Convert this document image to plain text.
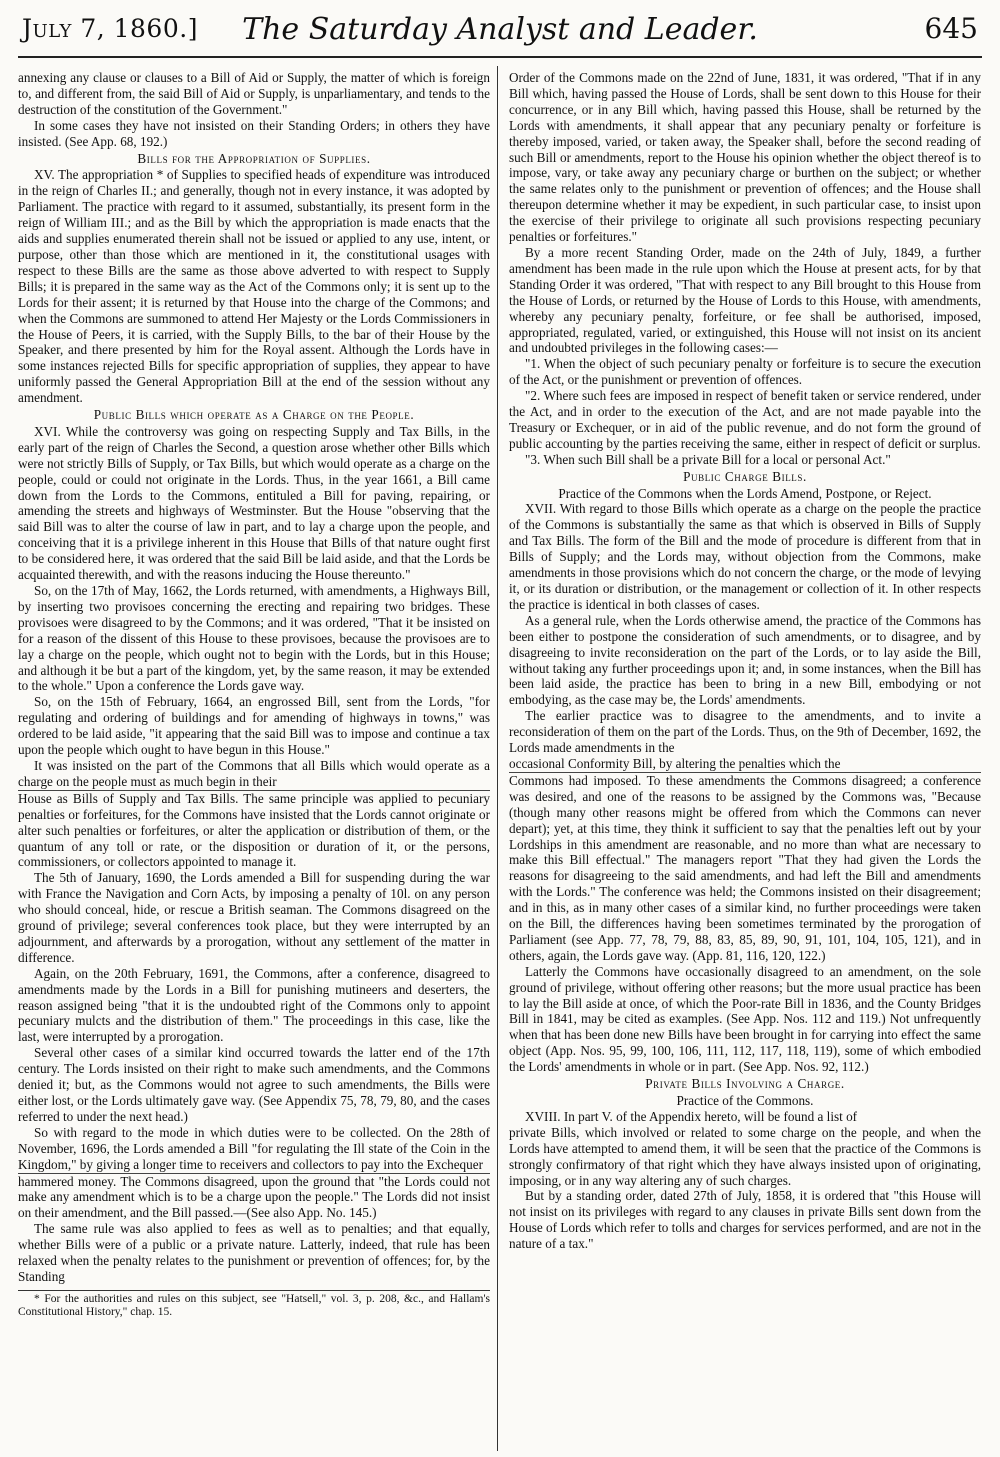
July 7, 1860.]	The Saturday Analyst and Leader.	645

annexing any clause or clauses to a Bill of Aid or Supply, the matter of which is foreign to, and different from, the said Bill of Aid or Supply, is unparliamentary, and tends to the destruction of the constitution of the Government."

In some cases they have not insisted on their Standing Orders; in others they have insisted. (See App. 68, 192.)

Bills for the Appropriation of Supplies.

XV. The appropriation * of Supplies to specified heads of expenditure was introduced in the reign of Charles II.; and generally, though not in every instance, it was adopted by Parliament. The practice with regard to it assumed, substantially, its present form in the reign of William III.; and as the Bill by which the appropriation is made enacts that the aids and supplies enumerated therein shall not be issued or applied to any use, intent, or purpose, other than those which are mentioned in it, the constitutional usages with respect to these Bills are the same as those above adverted to with respect to Supply Bills; it is prepared in the same way as the Act of the Commons only; it is sent up to the Lords for their assent; it is returned by that House into the charge of the Commons; and when the Commons are summoned to attend Her Majesty or the Lords Commissioners in the House of Peers, it is carried, with the Supply Bills, to the bar of their House by the Speaker, and there presented by him for the Royal assent. Although the Lords have in some instances rejected Bills for specific appropriation of supplies, they appear to have uniformly passed the General Appropriation Bill at the end of the session without any amendment.

Public Bills which operate as a Charge on the People.

XVI. While the controversy was going on respecting Supply and Tax Bills, in the early part of the reign of Charles the Second, a question arose whether other Bills which were not strictly Bills of Supply, or Tax Bills, but which would operate as a charge on the people, could or could not originate in the Lords. Thus, in the year 1661, a Bill came down from the Lords to the Commons, entituled a Bill for paving, repairing, or amending the streets and highways of Westminster. But the House "observing that the said Bill was to alter the course of law in part, and to lay a charge upon the people, and conceiving that it is a privilege inherent in this House that Bills of that nature ought first to be considered here, it was ordered that the said Bill be laid aside, and that the Lords be acquainted therewith, and with the reasons inducing the House thereunto."

So, on the 17th of May, 1662, the Lords returned, with amendments, a Highways Bill, by inserting two provisoes concerning the erecting and repairing two bridges. These provisoes were disagreed to by the Commons; and it was ordered, "That it be insisted on for a reason of the dissent of this House to these provisoes, because the provisoes are to lay a charge on the people, which ought not to begin with the Lords, but in this House; and although it be but a part of the kingdom, yet, by the same reason, it may be extended to the whole." Upon a conference the Lords gave way.

So, on the 15th of February, 1664, an engrossed Bill, sent from the Lords, "for regulating and ordering of buildings and for amending of highways in towns," was ordered to be laid aside, "it appearing that the said Bill was to impose and continue a tax upon the people which ought to have begun in this House."

It was insisted on the part of the Commons that all Bills which would operate as a charge on the people must as much begin in their

House as Bills of Supply and Tax Bills. The same principle was applied to pecuniary penalties or forfeitures, for the Commons have insisted that the Lords cannot originate or alter such penalties or forfeitures, or alter the application or distribution of them, or the quantum of any toll or rate, or the disposition or duration of it, or the persons, commissioners, or collectors appointed to manage it.

The 5th of January, 1690, the Lords amended a Bill for suspending during the war with France the Navigation and Corn Acts, by imposing a penalty of 10l. on any person who should conceal, hide, or rescue a British seaman. The Commons disagreed on the ground of privilege; several conferences took place, but they were interrupted by an adjournment, and afterwards by a prorogation, without any settlement of the matter in difference.

Again, on the 20th February, 1691, the Commons, after a conference, disagreed to amendments made by the Lords in a Bill for punishing mutineers and deserters, the reason assigned being "that it is the undoubted right of the Commons only to appoint pecuniary mulcts and the distribution of them." The proceedings in this case, like the last, were interrupted by a prorogation.

Several other cases of a similar kind occurred towards the latter end of the 17th century. The Lords insisted on their right to make such amendments, and the Commons denied it; but, as the Commons would not agree to such amendments, the Bills were either lost, or the Lords ultimately gave way. (See Appendix 75, 78, 79, 80, and the cases referred to under the next head.)

So with regard to the mode in which duties were to be collected. On the 28th of November, 1696, the Lords amended a Bill "for regulating the Ill state of the Coin in the Kingdom," by giving a longer time to receivers and collectors to pay into the Exchequer

hammered money. The Commons disagreed, upon the ground that "the Lords could not make any amendment which is to be a charge upon the people." The Lords did not insist on their amendment, and the Bill passed.—(See also App. No. 145.)

The same rule was also applied to fees as well as to penalties; and that equally, whether Bills were of a public or a private nature. Latterly, indeed, that rule has been relaxed when the penalty relates to the punishment or prevention of offences; for, by the Standing

* For the authorities and rules on this subject, see "Hatsell," vol. 3, p. 208, &c., and Hallam's Constitutional History," chap. 15.

Order of the Commons made on the 22nd of June, 1831, it was ordered, "That if in any Bill which, having passed the House of Lords, shall be sent down to this House for their concurrence, or in any Bill which, having passed this House, shall be returned by the Lords with amendments, it shall appear that any pecuniary penalty or forfeiture is thereby imposed, varied, or taken away, the Speaker shall, before the second reading of such Bill or amendments, report to the House his opinion whether the object thereof is to impose, vary, or take away any pecuniary charge or burthen on the subject; or whether the same relates only to the punishment or prevention of offences; and the House shall thereupon determine whether it may be expedient, in such particular case, to insist upon the exercise of their privilege to originate all such provisions respecting pecuniary penalties or forfeitures."

By a more recent Standing Order, made on the 24th of July, 1849, a further amendment has been made in the rule upon which the House at present acts, for by that Standing Order it was ordered, "That with respect to any Bill brought to this House from the House of Lords, or returned by the House of Lords to this House, with amendments, whereby any pecuniary penalty, forfeiture, or fee shall be authorised, imposed, appropriated, regulated, varied, or extinguished, this House will not insist on its ancient and undoubted privileges in the following cases:—

"1. When the object of such pecuniary penalty or forfeiture is to secure the execution of the Act, or the punishment or prevention of offences.

"2. Where such fees are imposed in respect of benefit taken or service rendered, under the Act, and in order to the execution of the Act, and are not made payable into the Treasury or Exchequer, or in aid of the public revenue, and do not form the ground of public accounting by the parties receiving the same, either in respect of deficit or surplus.

"3. When such Bill shall be a private Bill for a local or personal Act."

Public Charge Bills.

Practice of the Commons when the Lords Amend, Postpone, or Reject.

XVII. With regard to those Bills which operate as a charge on the people the practice of the Commons is substantially the same as that which is observed in Bills of Supply and Tax Bills. The form of the Bill and the mode of procedure is different from that in Bills of Supply; and the Lords may, without objection from the Commons, make amendments in those provisions which do not concern the charge, or the mode of levying it, or its duration or distribution, or the management or collection of it. In other respects the practice is identical in both classes of cases.

As a general rule, when the Lords otherwise amend, the practice of the Commons has been either to postpone the consideration of such amendments, or to disagree, and by disagreeing to invite reconsideration on the part of the Lords, or to lay aside the Bill, without taking any further proceedings upon it; and, in some instances, when the Bill has been laid aside, the practice has been to bring in a new Bill, embodying or not embodying, as the case may be, the Lords' amendments.

The earlier practice was to disagree to the amendments, and to invite a reconsideration of them on the part of the Lords. Thus, on the 9th of December, 1692, the Lords made amendments in the

occasional Conformity Bill, by altering the penalties which the

Commons had imposed. To these amendments the Commons disagreed; a conference was desired, and one of the reasons to be assigned by the Commons was, "Because (though many other reasons might be offered from which the Commons can never depart); yet, at this time, they think it sufficient to say that the penalties left out by your Lordships in this amendment are reasonable, and no more than what are necessary to make this Bill effectual." The managers report "That they had given the Lords the reasons for disagreeing to the said amendments, and had left the Bill and amendments with the Lords." The conference was held; the Commons insisted on their disagreement; and in this, as in many other cases of a similar kind, no further proceedings were taken on the Bill, the differences having been sometimes terminated by the prorogation of Parliament (see App. 77, 78, 79, 88, 83, 85, 89, 90, 91, 101, 104, 105, 121), and in others, again, the Lords gave way. (App. 81, 116, 120, 122.)

Latterly the Commons have occasionally disagreed to an amendment, on the sole ground of privilege, without offering other reasons; but the more usual practice has been to lay the Bill aside at once, of which the Poor-rate Bill in 1836, and the County Bridges Bill in 1841, may be cited as examples. (See App. Nos. 112 and 119.) Not unfrequently when that has been done new Bills have been brought in for carrying into effect the same object (App. Nos. 95, 99, 100, 106, 111, 112, 117, 118, 119), some of which embodied the Lords' amendments in whole or in part. (See App. Nos. 92, 112.)

Private Bills Involving a Charge.

Practice of the Commons.

XVIII. In part V. of the Appendix hereto, will be found a list of

private Bills, which involved or related to some charge on the people, and when the Lords have attempted to amend them, it will be seen that the practice of the Commons is strongly confirmatory of that right which they have always insisted upon of originating, imposing, or in any way altering any of such charges.

But by a standing order, dated 27th of July, 1858, it is ordered that "this House will not insist on its privileges with regard to any clauses in private Bills sent down from the House of Lords which refer to tolls and charges for services performed, and are not in the nature of a tax."
